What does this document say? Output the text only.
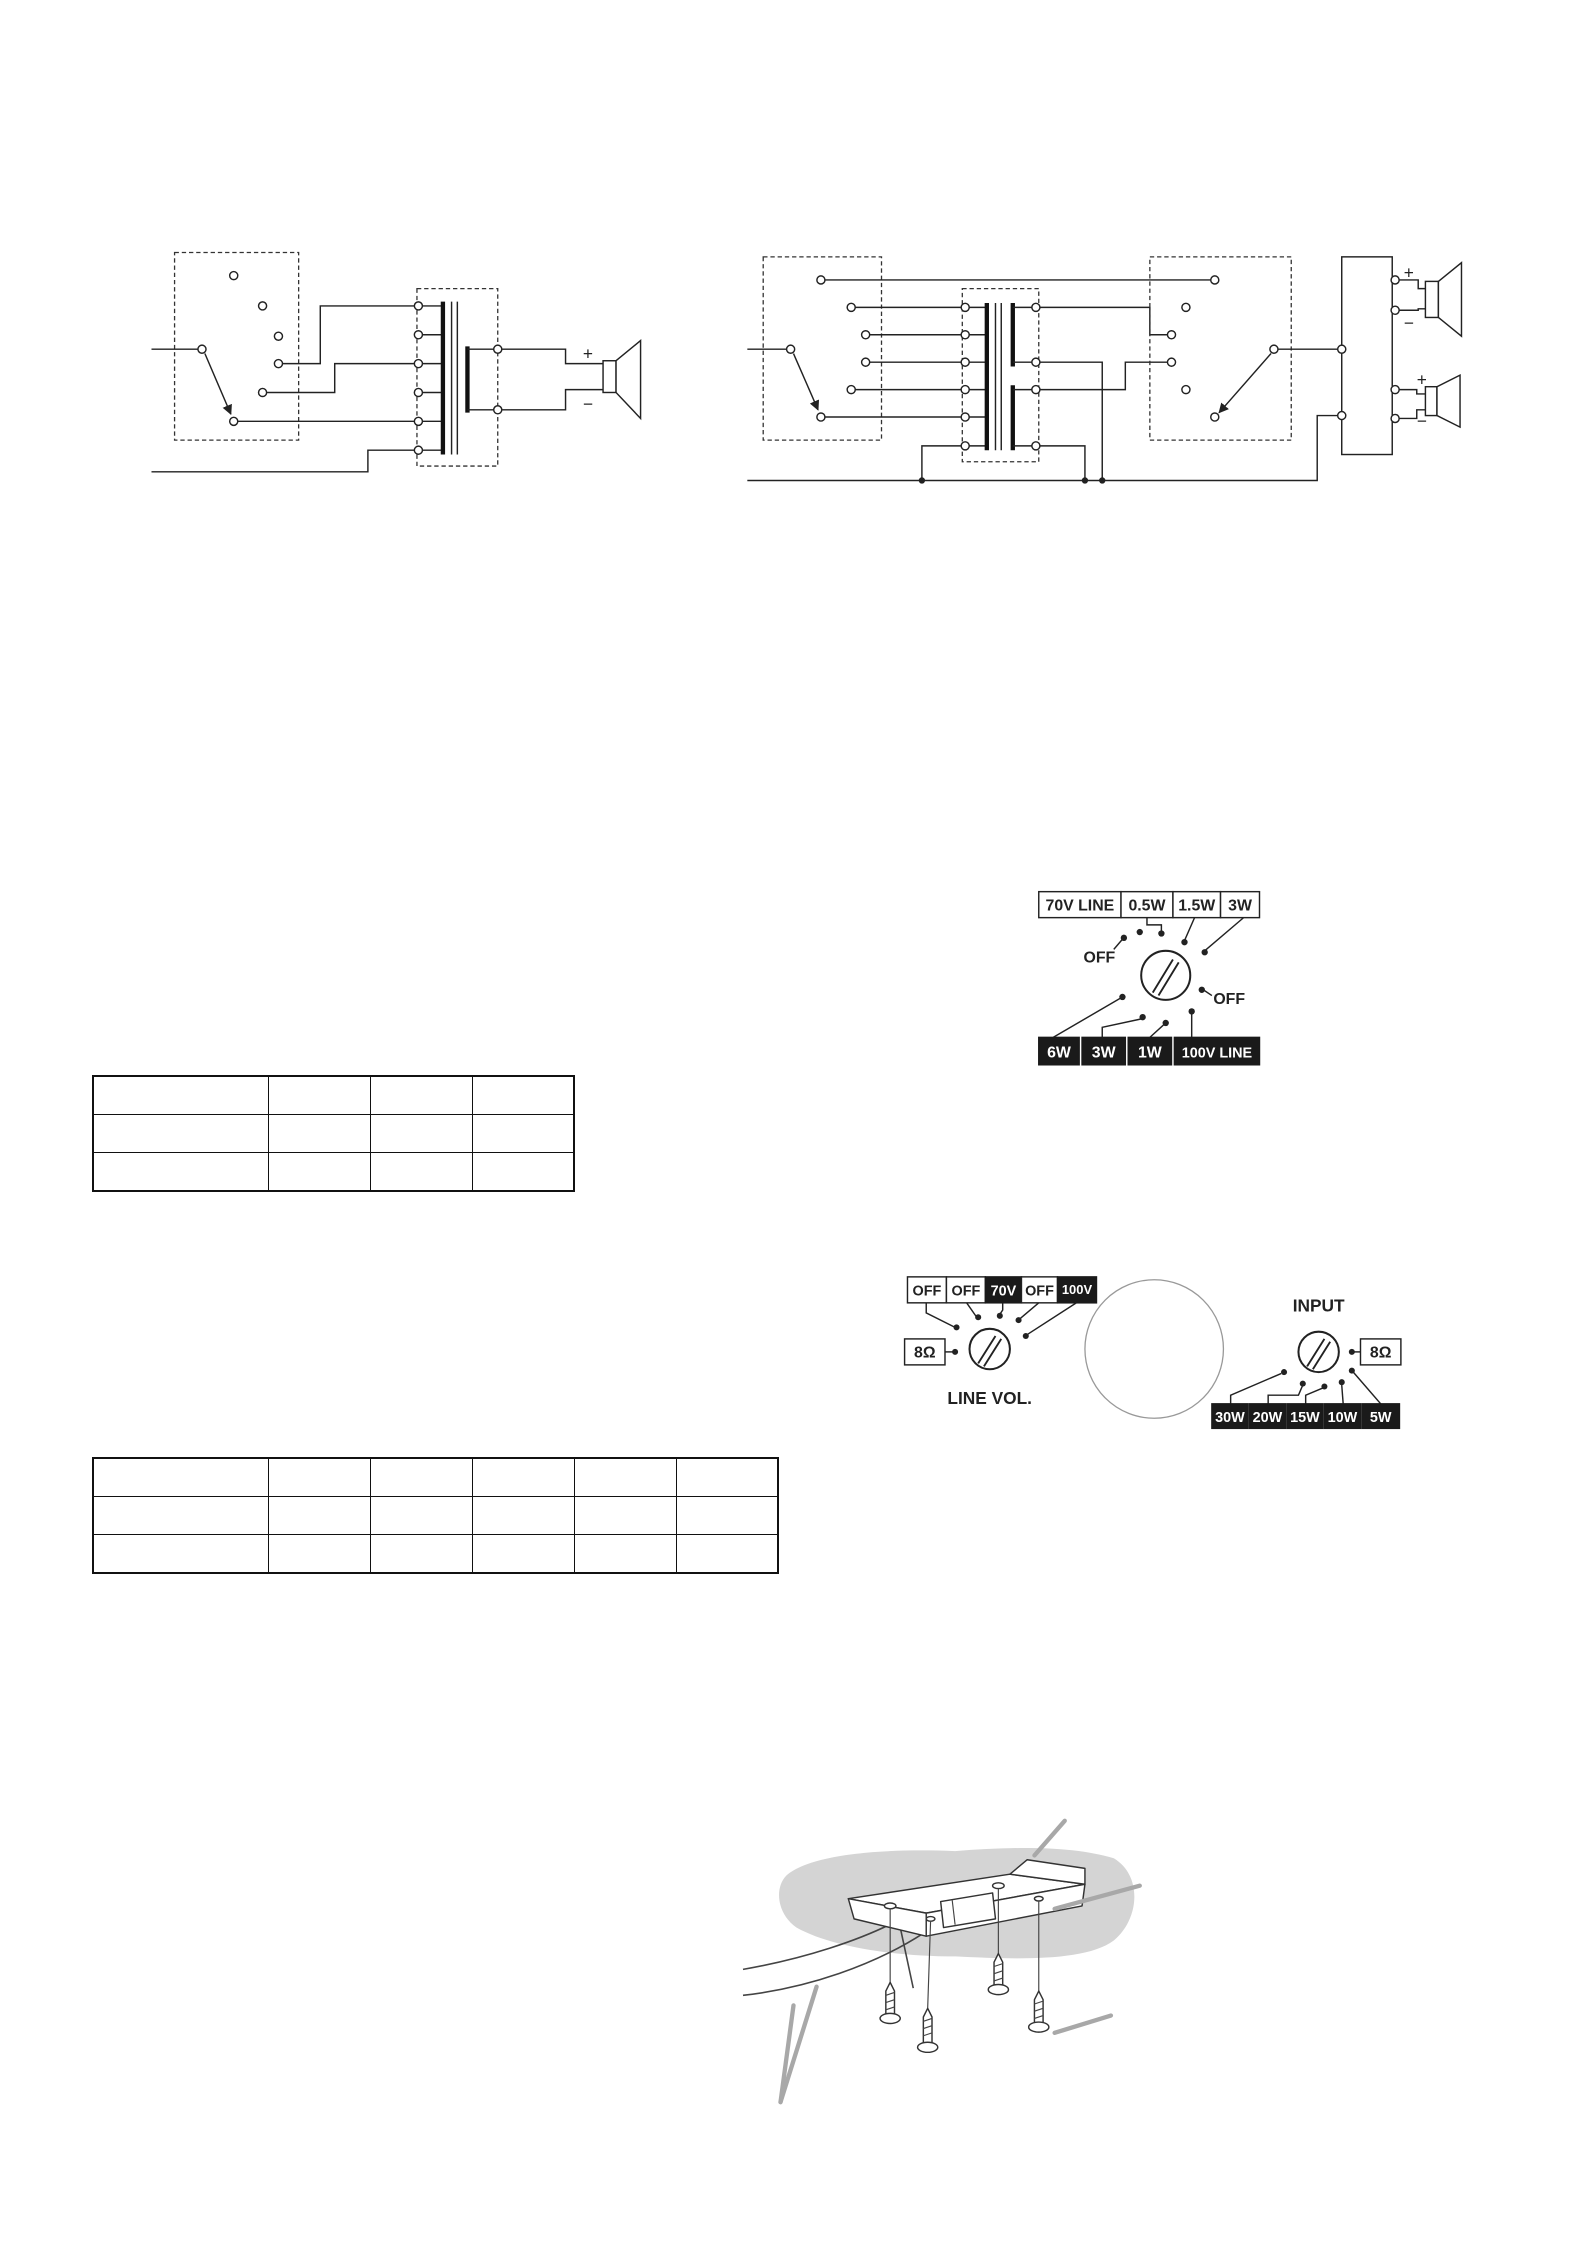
+
−
+
−
+
−
70V LINE 0.5W 1.5W 3W
OFF
OFF
6W 3W 1W 100V LINE
OFF OFF 70V OFF 100V
8Ω
LINE VOL.
INPUT
8Ω
30W 20W 15W 10W 5W
